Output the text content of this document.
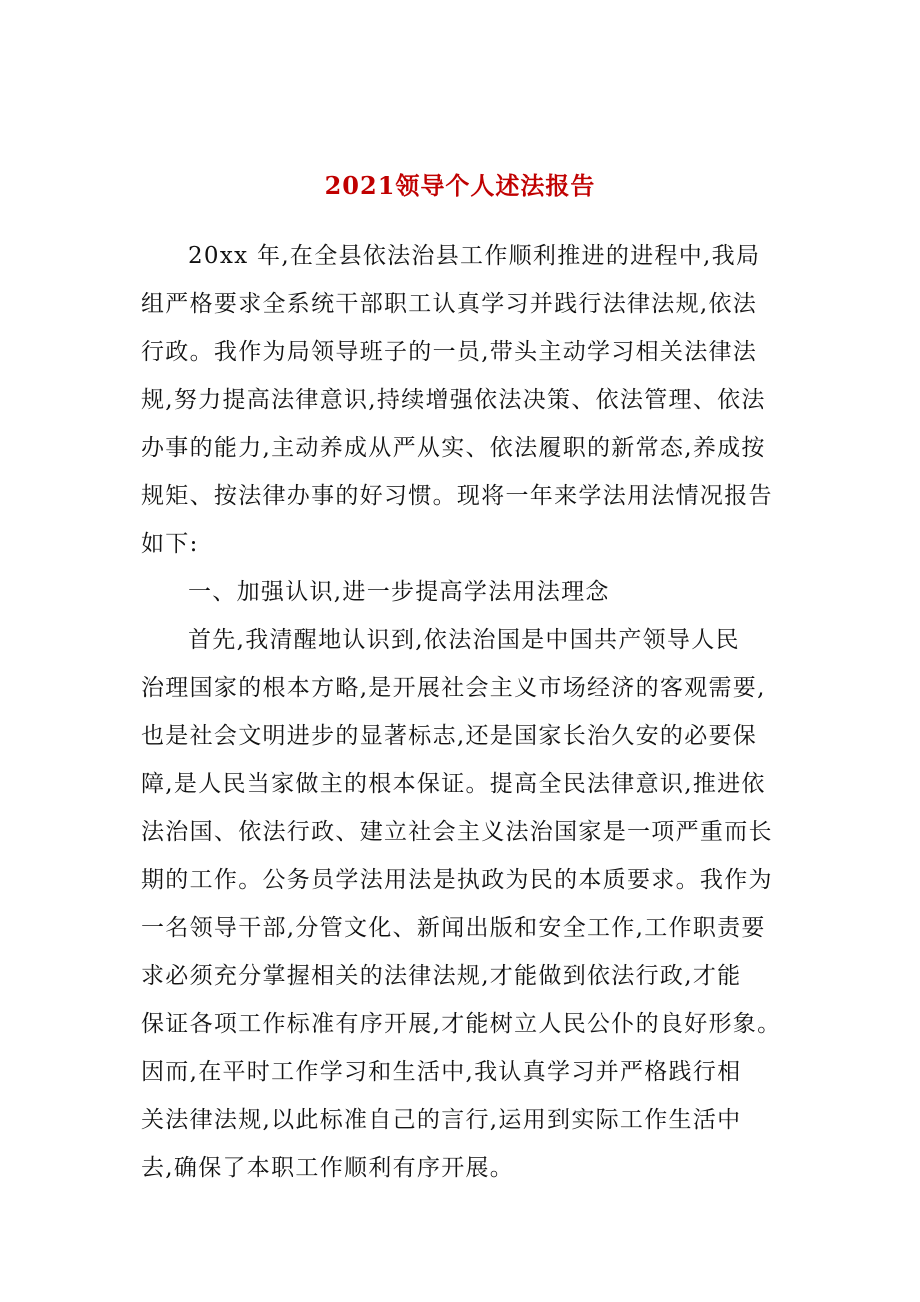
2021领导个人述法报告
20xx 年,在全县依法治县工作顺利推进的进程中,我局
组严格要求全系统干部职工认真学习并践行法律法规,依法
行政。我作为局领导班子的一员,带头主动学习相关法律法
规,努力提高法律意识,持续增强依法决策、依法管理、依法
办事的能力,主动养成从严从实、依法履职的新常态,养成按
规矩、按法律办事的好习惯。现将一年来学法用法情况报告
如下:
一、加强认识,进一步提高学法用法理念
首先,我清醒地认识到,依法治国是中国共产领导人民
治理国家的根本方略,是开展社会主义市场经济的客观需要,
也是社会文明进步的显著标志,还是国家长治久安的必要保
障,是人民当家做主的根本保证。提高全民法律意识,推进依
法治国、依法行政、建立社会主义法治国家是一项严重而长
期的工作。公务员学法用法是执政为民的本质要求。我作为
一名领导干部,分管文化、新闻出版和安全工作,工作职责要
求必须充分掌握相关的法律法规,才能做到依法行政,才能
保证各项工作标准有序开展,才能树立人民公仆的良好形象。
因而,在平时工作学习和生活中,我认真学习并严格践行相
关法律法规,以此标准自己的言行,运用到实际工作生活中
去,确保了本职工作顺利有序开展。
